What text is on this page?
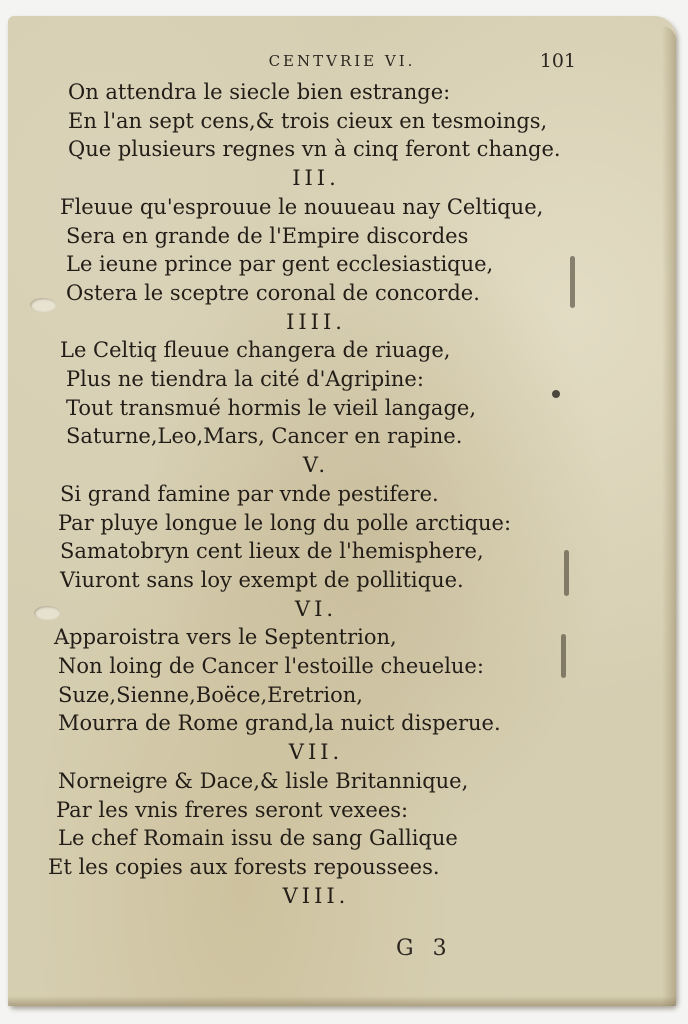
CENTVRIE VI.	101
On attendra le siecle bien estrange:
En l'an sept cens,& trois cieux en tesmoings,
Que plusieurs regnes vn à cinq feront change.
III.
Fleuue qu'esprouue le nouueau nay Celtique,
Sera en grande de l'Empire discordes
Le ieune prince par gent ecclesiastique,
Ostera le sceptre coronal de concorde.
IIII.
Le Celtiq fleuue changera de riuage,
Plus ne tiendra la cité d'Agripine:
Tout transmué hormis le vieil langage,
Saturne,Leo,Mars, Cancer en rapine.
V.
Si grand famine par vnde pestifere.
Par pluye longue le long du polle arctique:
Samatobryn cent lieux de l'hemisphere,
Viuront sans loy exempt de pollitique.
VI.
Apparoistra vers le Septentrion,
Non loing de Cancer l'estoille cheuelue:
Suze,Sienne,Boëce,Eretrion,
Mourra de Rome grand,la nuict disperue.
VII.
Norneigre & Dace,& lisle Britannique,
Par les vnis freres seront vexees:
Le chef Romain issu de sang Gallique
Et les copies aux forests repoussees.
VIII.
G 3
